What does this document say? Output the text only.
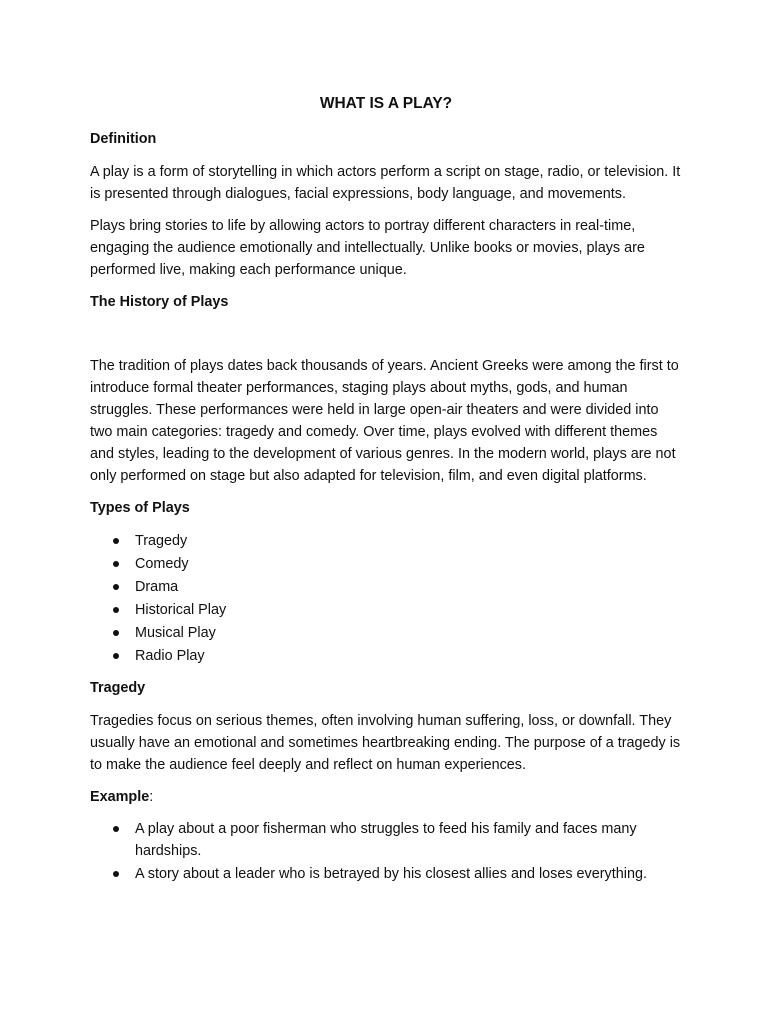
WHAT IS A PLAY?
Definition

A play is a form of storytelling in which actors perform a script on stage, radio, or television. It is presented through dialogues, facial expressions, body language, and movements.

Plays bring stories to life by allowing actors to portray different characters in real-time, engaging the audience emotionally and intellectually. Unlike books or movies, plays are performed live, making each performance unique.

The History of Plays

The tradition of plays dates back thousands of years. Ancient Greeks were among the first to introduce formal theater performances, staging plays about myths, gods, and human struggles. These performances were held in large open-air theaters and were divided into two main categories: tragedy and comedy. Over time, plays evolved with different themes and styles, leading to the development of various genres. In the modern world, plays are not only performed on stage but also adapted for television, film, and even digital platforms.

Types of Plays
Tragedy
Comedy
Drama
Historical Play
Musical Play
Radio Play
Tragedy

Tragedies focus on serious themes, often involving human suffering, loss, or downfall. They usually have an emotional and sometimes heartbreaking ending. The purpose of a tragedy is to make the audience feel deeply and reflect on human experiences.

Example:

A play about a poor fisherman who struggles to feed his family and faces many hardships.
A story about a leader who is betrayed by his closest allies and loses everything.
